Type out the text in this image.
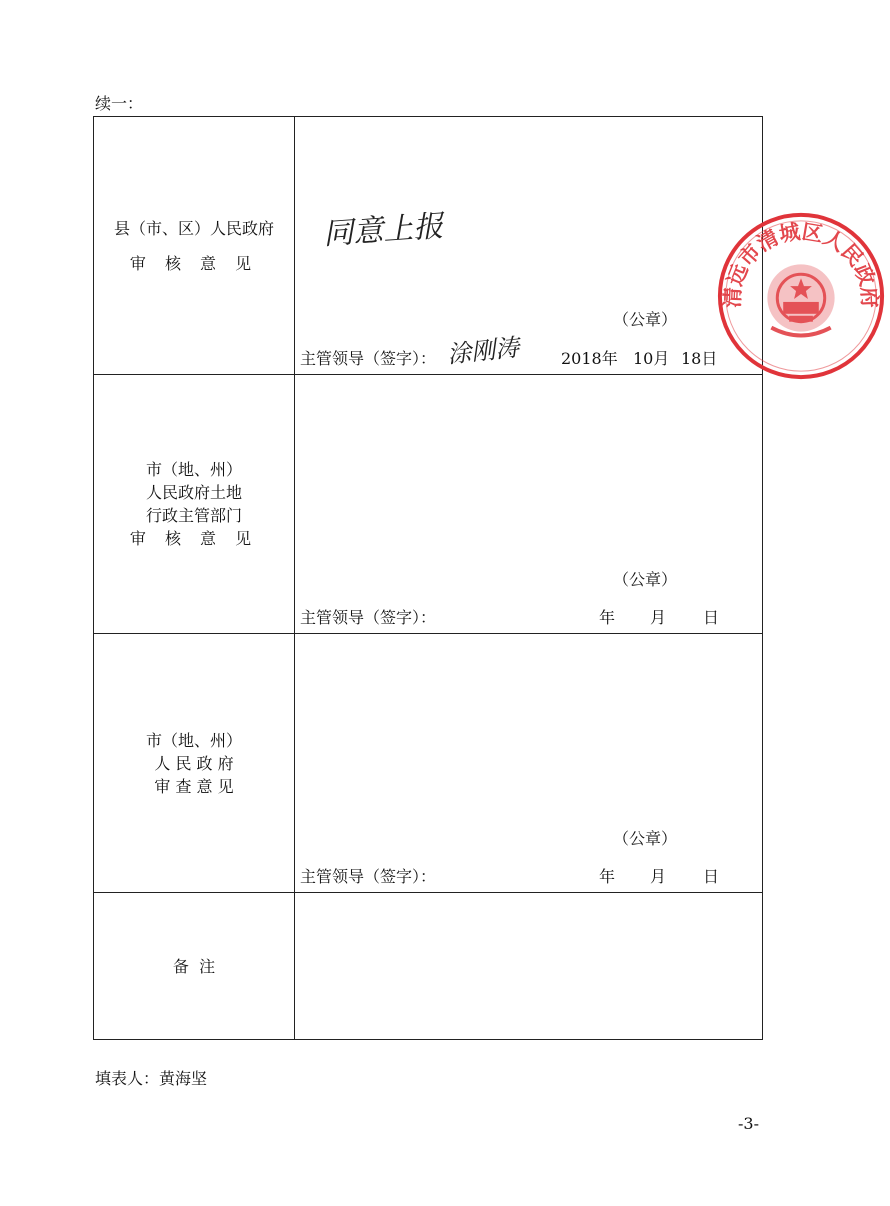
续一：
县（市、区）人民政府
审 核 意 见
同意上报
清远市清城区人民政府
（公章）
主管领导（签字）： 涂刚涛	2018年 10月 18日
市（地、州）
人民政府土地
行政主管部门
审 核 意 见
（公章）
主管领导（签字）：	年 月 日
市（地、州）
人 民 政 府
审 查 意 见
（公章）
主管领导（签字）：	年 月 日
备  注
填表人：黄海坚
-3-
